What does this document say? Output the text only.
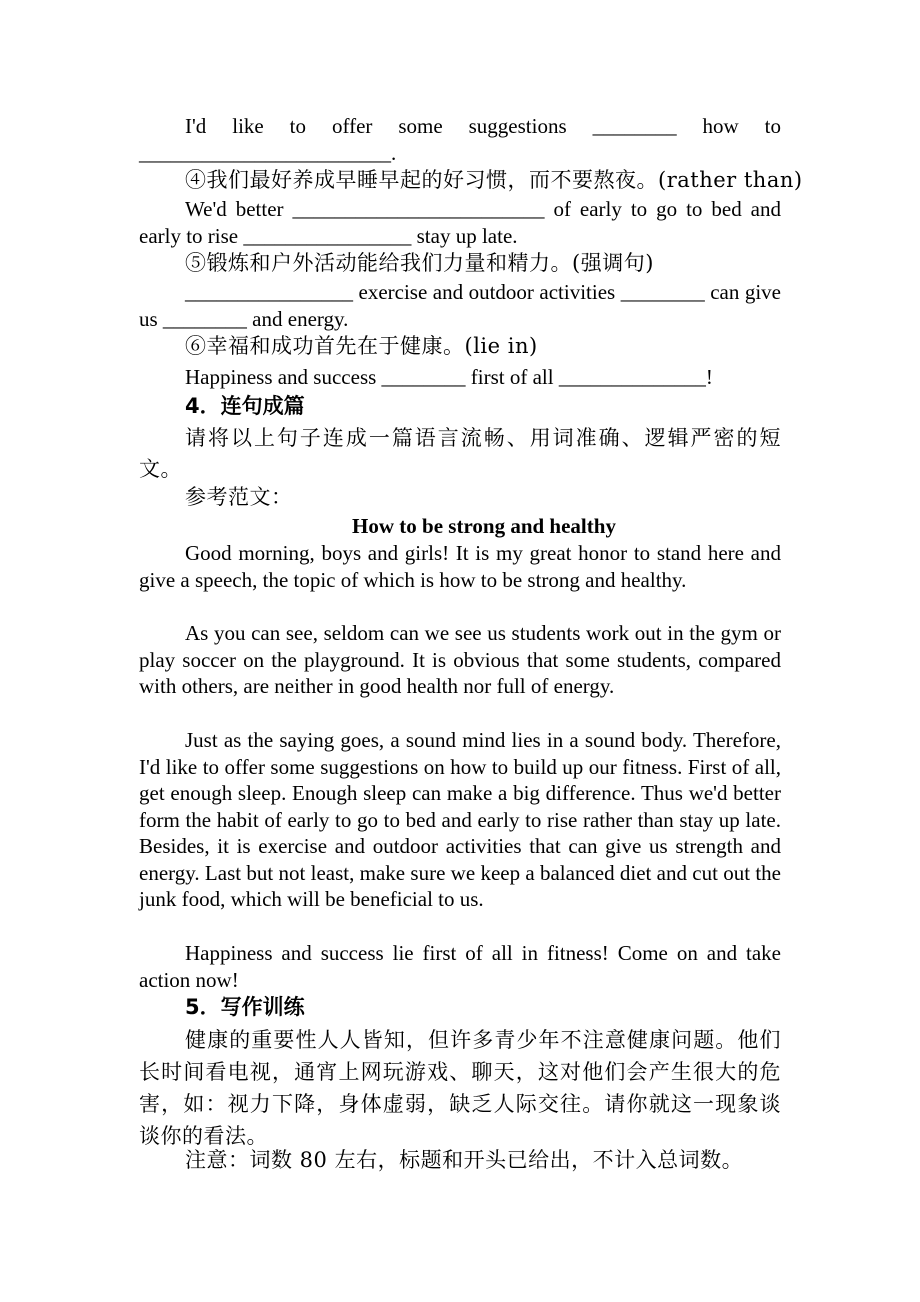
I'd like to offer some suggestions ________ how to ________________________.
④我们最好养成早睡早起的好习惯，而不要熬夜。(rather than)
We'd better ________________________ of early to go to bed and early to rise ________________ stay up late.
⑤锻炼和户外活动能给我们力量和精力。(强调句)
________________ exercise and outdoor activities ________ can give us ________ and energy.
⑥幸福和成功首先在于健康。(lie in)
Happiness and success ________ first of all ______________!
4．连句成篇
请将以上句子连成一篇语言流畅、用词准确、逻辑严密的短文。
参考范文：
How to be strong and healthy
Good morning, boys and girls! It is my great honor to stand here and give a speech, the topic of which is how to be strong and healthy.
As you can see, seldom can we see us students work out in the gym or play soccer on the playground. It is obvious that some students, compared with others, are neither in good health nor full of energy.
Just as the saying goes, a sound mind lies in a sound body. Therefore, I'd like to offer some suggestions on how to build up our fitness. First of all, get enough sleep. Enough sleep can make a big difference. Thus we'd better form the habit of early to go to bed and early to rise rather than stay up late. Besides, it is exercise and outdoor activities that can give us strength and energy. Last but not least, make sure we keep a balanced diet and cut out the junk food, which will be beneficial to us.
Happiness and success lie first of all in fitness! Come on and take action now!
5．写作训练
健康的重要性人人皆知，但许多青少年不注意健康问题。他们长时间看电视，通宵上网玩游戏、聊天，这对他们会产生很大的危害，如：视力下降，身体虚弱，缺乏人际交往。请你就这一现象谈谈你的看法。
注意：词数 80 左右，标题和开头已给出，不计入总词数。
